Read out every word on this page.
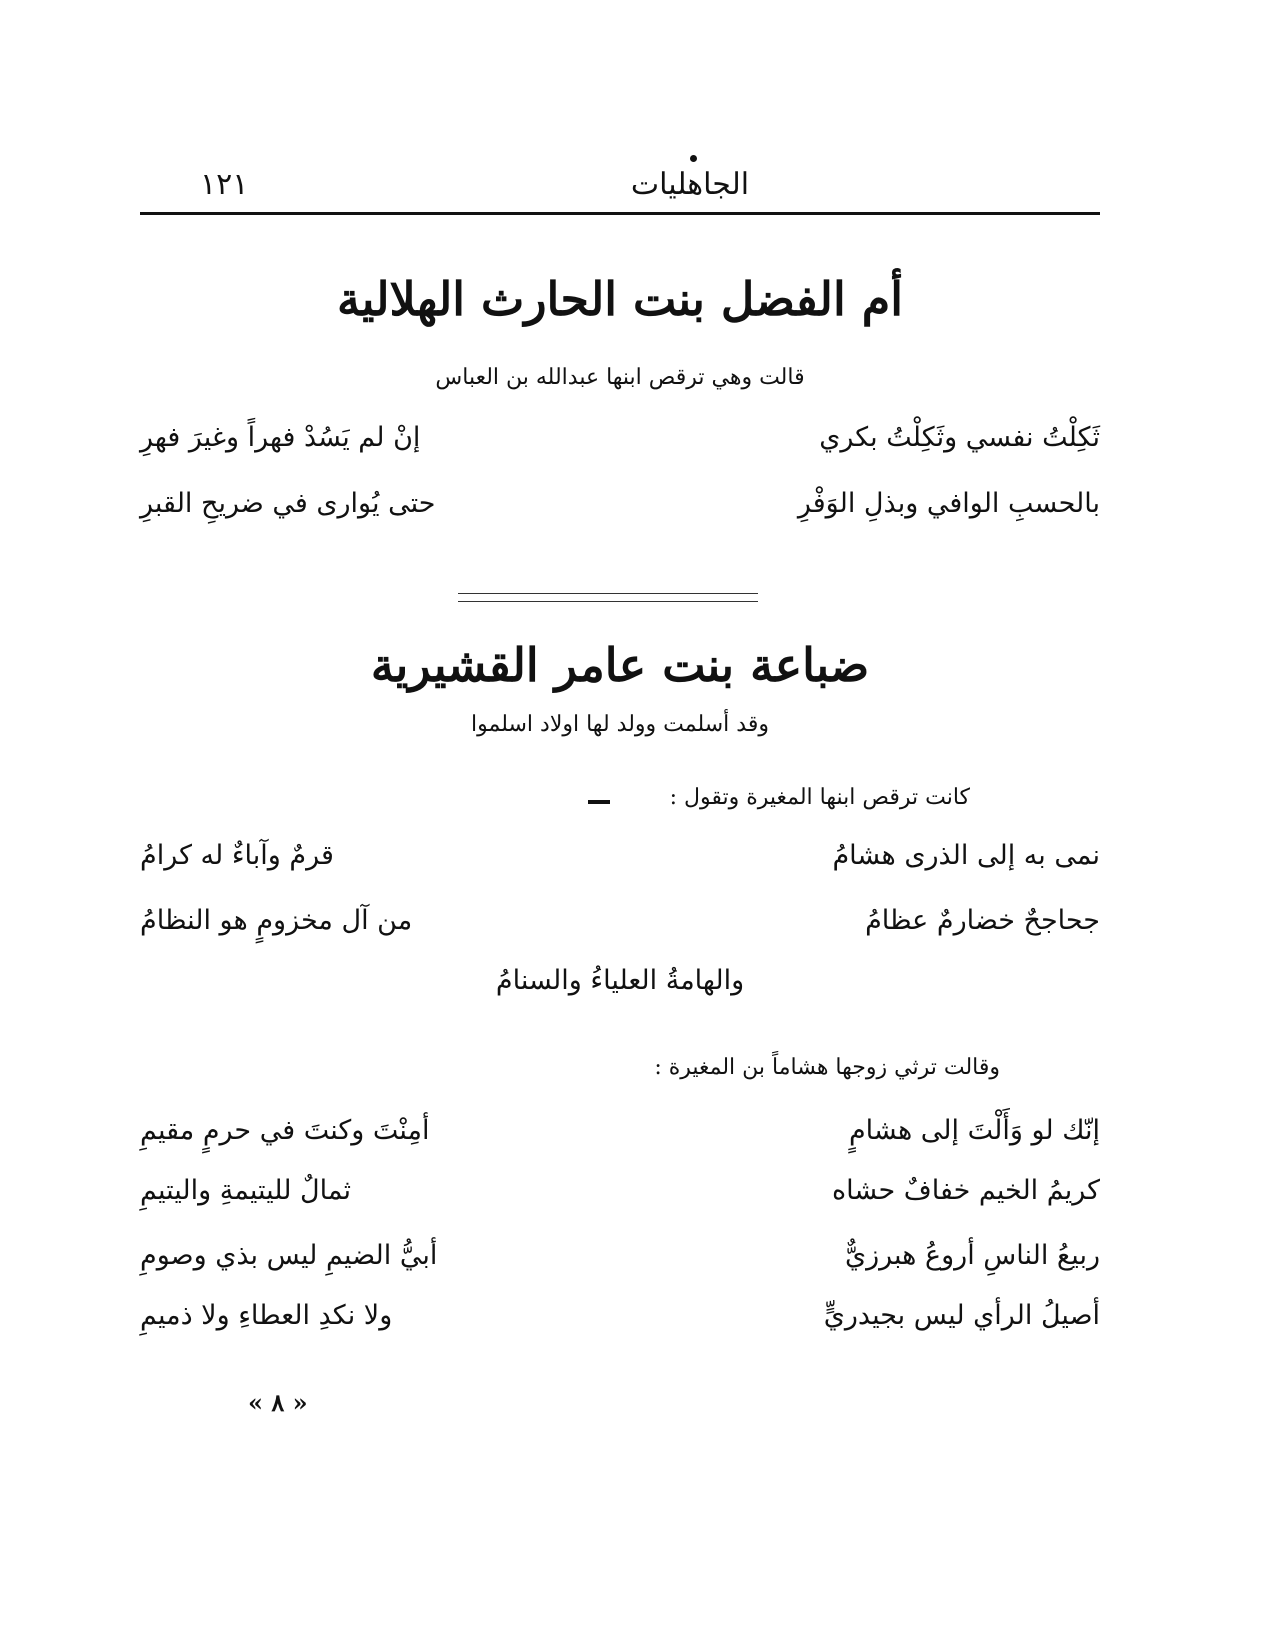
١٢١	الجاهليات
أم الفضل بنت الحارث الهلالية
قالت وهي ترقص ابنها عبدالله بن العباس
ثَكِلْتُ نفسي وثَكِلْتُ بكري
إنْ لم يَسُدْ فهراً وغيرَ فهرِ
بالحسبِ الوافي وبذلِ الوَفْرِ
حتى يُوارى في ضريحِ القبرِ
ضباعة بنت عامر القشيرية
وقد أسلمت وولد لها اولاد اسلموا
كانت ترقص ابنها المغيرة وتقول :
نمى به إلى الذرى هشامُ
قرمٌ وآباءٌ له كرامُ
جحاجحٌ خضارمٌ عظامُ
من آل مخزومٍ هو النظامُ
والهامةُ العلياءُ والسنامُ
وقالت ترثي زوجها هشاماً بن المغيرة :
إنّك لو وَأَلْتَ إلى هشامٍ
أمِنْتَ وكنتَ في حرمٍ مقيمِ
كريمُ الخيم خفافٌ حشاه
ثمالٌ لليتيمةِ واليتيمِ
ربيعُ الناسِ أروعُ هبرزيٌّ
أبيُّ الضيمِ ليس بذي وصومِ
أصيلُ الرأي ليس بجيدريٍّ
ولا نكدِ العطاءِ ولا ذميمِ
« ٨ »
